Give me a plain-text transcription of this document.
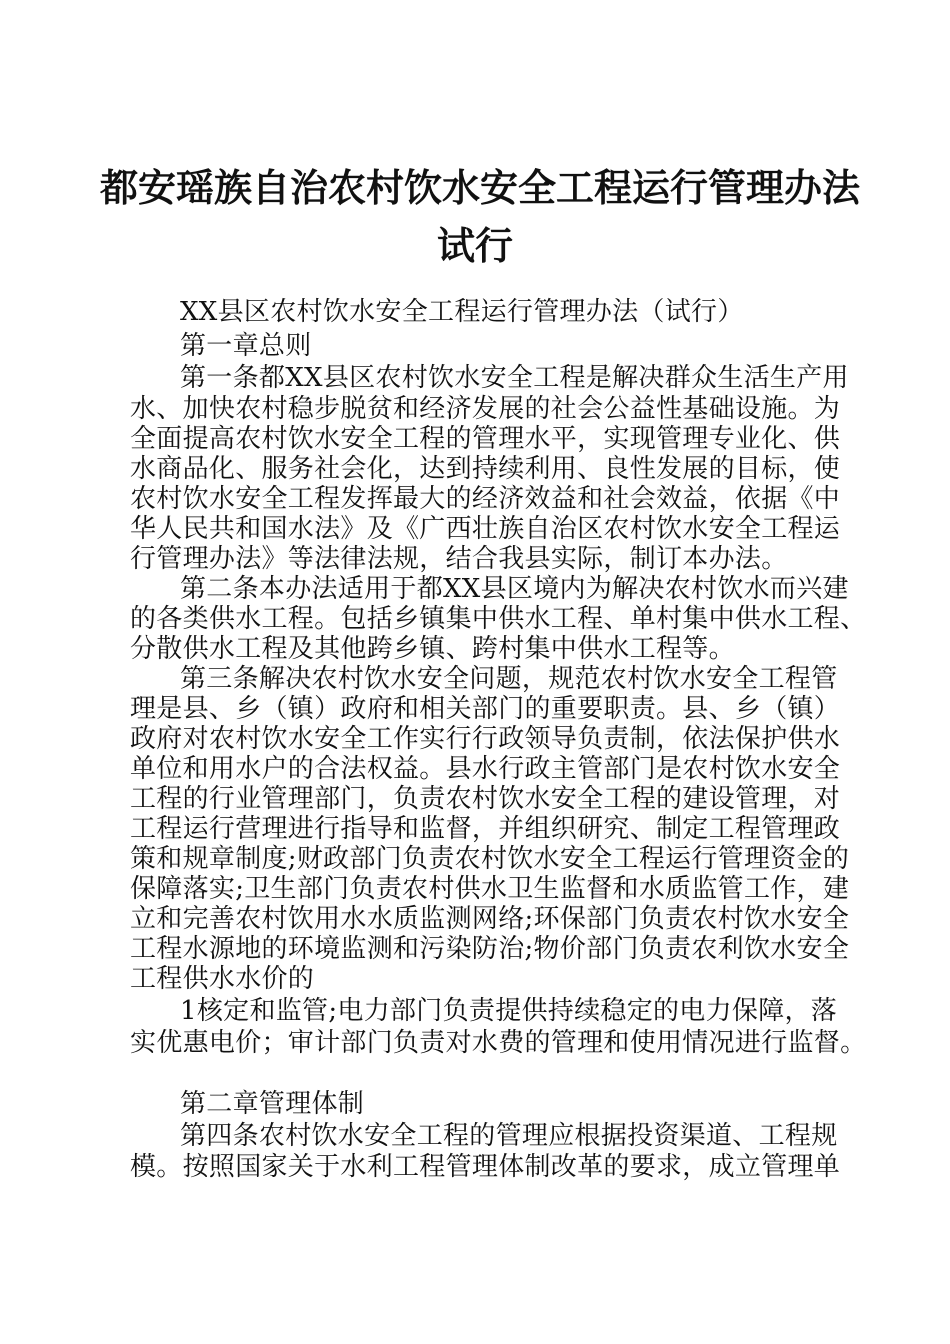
都安瑶族自治农村饮水安全工程运行管理办法
试行
XX县区农村饮水安全工程运行管理办法（试行）
第一章总则
第一条都XX县区农村饮水安全工程是解决群众生活生产用
水、加快农村稳步脱贫和经济发展的社会公益性基础设施。为
全面提高农村饮水安全工程的管理水平，实现管理专业化、供
水商品化、服务社会化，达到持续利用、良性发展的目标，使
农村饮水安全工程发挥最大的经济效益和社会效益，依据《中
华人民共和国水法》及《广西壮族自治区农村饮水安全工程运
行管理办法》等法律法规，结合我县实际，制订本办法。
第二条本办法适用于都XX县区境内为解决农村饮水而兴建
的各类供水工程。包括乡镇集中供水工程、单村集中供水工程、
分散供水工程及其他跨乡镇、跨村集中供水工程等。
第三条解决农村饮水安全问题，规范农村饮水安全工程管
理是县、乡（镇）政府和相关部门的重要职责。县、乡（镇）
政府对农村饮水安全工作实行行政领导负责制，依法保护供水
单位和用水户的合法权益。县水行政主管部门是农村饮水安全
工程的行业管理部门，负责农村饮水安全工程的建设管理，对
工程运行营理进行指导和监督，并组织研究、制定工程管理政
策和规章制度;财政部门负责农村饮水安全工程运行管理资金的
保障落实;卫生部门负责农村供水卫生监督和水质监管工作，建
立和完善农村饮用水水质监测网络;环保部门负责农村饮水安全
工程水源地的环境监测和污染防治;物价部门负责农利饮水安全
工程供水水价的
1核定和监管;电力部门负责提供持续稳定的电力保障，落
实优惠电价；审计部门负责对水费的管理和使用情况进行监督。
第二章管理体制
第四条农村饮水安全工程的管理应根据投资渠道、工程规
模。按照国家关于水利工程管理体制改革的要求，成立管理单
